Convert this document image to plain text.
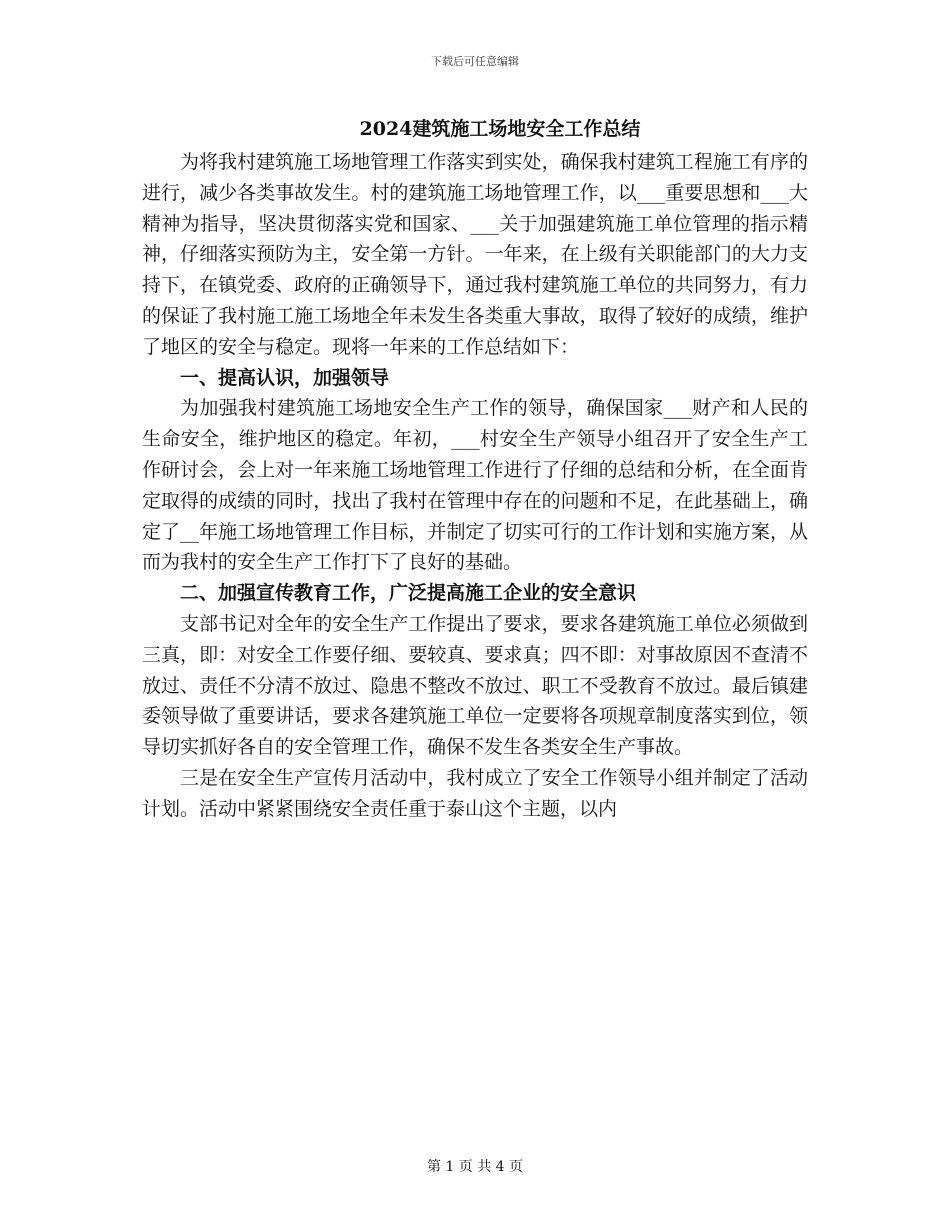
下载后可任意编辑
2024建筑施工场地安全工作总结

为将我村建筑施工场地管理工作落实到实处，确保我村建筑工程施工有序的进行，减少各类事故发生。村的建筑施工场地管理工作，以___重要思想和___大精神为指导，坚决贯彻落实党和国家、___关于加强建筑施工单位管理的指示精神，仔细落实预防为主，安全第一方针。一年来，在上级有关职能部门的大力支持下，在镇党委、政府的正确领导下，通过我村建筑施工单位的共同努力，有力的保证了我村施工施工场地全年未发生各类重大事故，取得了较好的成绩，维护了地区的安全与稳定。现将一年来的工作总结如下：

一、提高认识，加强领导

为加强我村建筑施工场地安全生产工作的领导，确保国家___财产和人民的生命安全，维护地区的稳定。年初，___村安全生产领导小组召开了安全生产工作研讨会，会上对一年来施工场地管理工作进行了仔细的总结和分析，在全面肯定取得的成绩的同时，找出了我村在管理中存在的问题和不足，在此基础上，确定了__年施工场地管理工作目标，并制定了切实可行的工作计划和实施方案，从而为我村的安全生产工作打下了良好的基础。

二、加强宣传教育工作，广泛提高施工企业的安全意识

支部书记对全年的安全生产工作提出了要求，要求各建筑施工单位必须做到三真，即：对安全工作要仔细、要较真、要求真；四不即：对事故原因不查清不放过、责任不分清不放过、隐患不整改不放过、职工不受教育不放过。最后镇建委领导做了重要讲话，要求各建筑施工单位一定要将各项规章制度落实到位，领导切实抓好各自的安全管理工作，确保不发生各类安全生产事故。

三是在安全生产宣传月活动中，我村成立了安全工作领导小组并制定了活动计划。活动中紧紧围绕安全责任重于泰山这个主题，以内

第 1 页 共 4 页
